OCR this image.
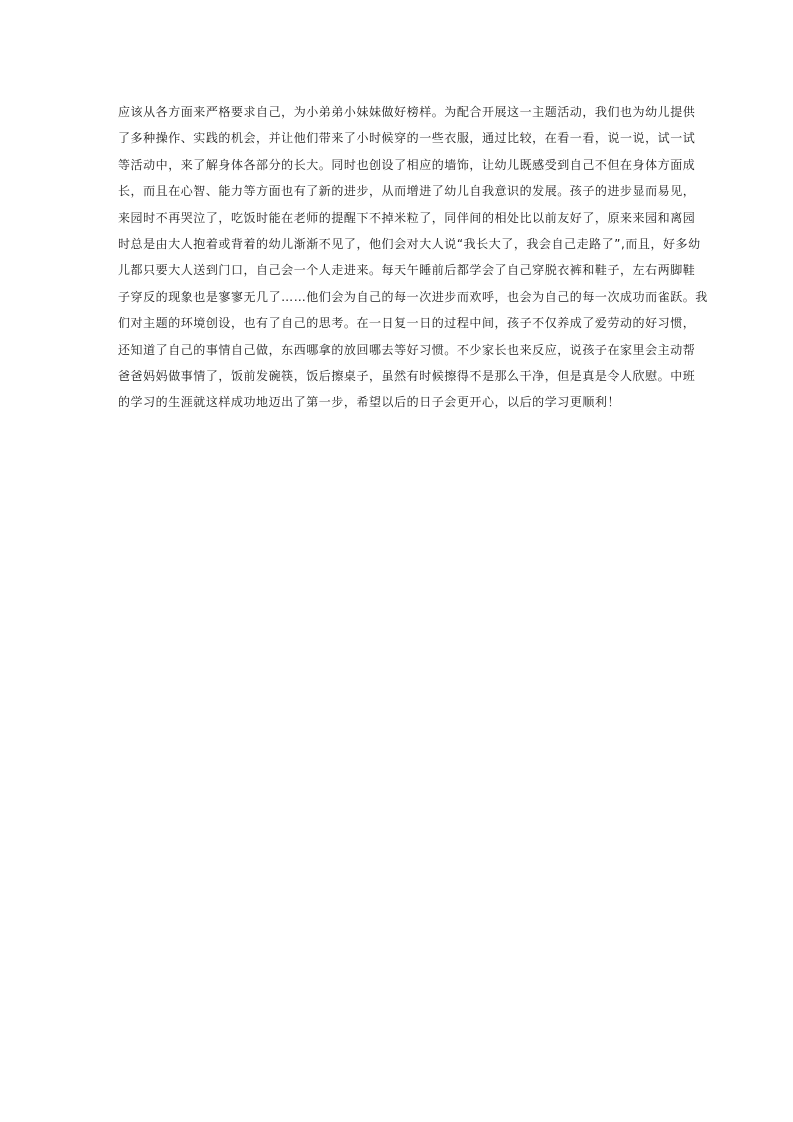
应该从各方面来严格要求自己，为小弟弟小妹妹做好榜样。为配合开展这一主题活动，我们也为幼儿提供
了多种操作、实践的机会，并让他们带来了小时候穿的一些衣服，通过比较，在看一看，说一说，试一试
等活动中，来了解身体各部分的长大。同时也创设了相应的墙饰，让幼儿既感受到自己不但在身体方面成
长，而且在心智、能力等方面也有了新的进步，从而增进了幼儿自我意识的发展。孩子的进步显而易见，
来园时不再哭泣了，吃饭时能在老师的提醒下不掉米粒了，同伴间的相处比以前友好了，原来来园和离园
时总是由大人抱着或背着的幼儿渐渐不见了，他们会对大人说“我长大了，我会自己走路了”,而且，好多幼
儿都只要大人送到门口，自己会一个人走进来。每天午睡前后都学会了自己穿脱衣裤和鞋子，左右两脚鞋
子穿反的现象也是寥寥无几了……他们会为自己的每一次进步而欢呼，也会为自己的每一次成功而雀跃。我
们对主题的环境创设，也有了自己的思考。在一日复一日的过程中间，孩子不仅养成了爱劳动的好习惯，
还知道了自己的事情自己做，东西哪拿的放回哪去等好习惯。不少家长也来反应，说孩子在家里会主动帮
爸爸妈妈做事情了，饭前发碗筷，饭后擦桌子，虽然有时候擦得不是那么干净，但是真是令人欣慰。中班
的学习的生涯就这样成功地迈出了第一步，希望以后的日子会更开心，以后的学习更顺利！
